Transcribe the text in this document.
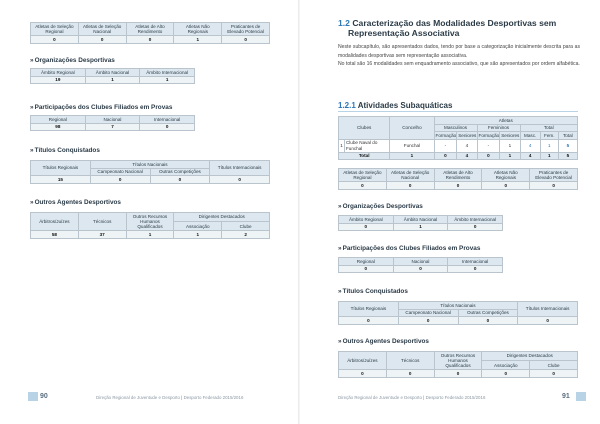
Atletas de Seleção Regional	Atletas de Seleção Nacional	Atletas de Alto Rendimento	Atletas Não Regionais	Praticantes de Elevado Potencial
0	0	0	1	0
»Organizações Desportivas
Âmbito Regional	Âmbito Nacional	Âmbito Internacional
19	1	1
»Participações dos Clubes Filiados em Provas
Regional	Nacional	Internacional
98	7	0
»Títulos Conquistados
Títulos Regionais	Títulos Nacionais		Títulos Internacionais
	Campeonato Nacional	Outras Competições	
15	0	0	0
»Outros Agentes Desportivos
Árbitros/Juízes	Técnicos	Outros Recursos Humanos Qualificados	Dirigentes Destacados	
			Associação	Clube
58	37	1	1	2
90	Direção Regional de Juventude e Desporto | Desporto Federado 2015/2016
1.2 Caracterização das Modalidades Desportivas sem
Representação Associativa

Neste subcapítulo, são apresentados dados, tendo por base a categorização inicialmente descrita para as modalidades desportivas sem representação associativa.

No total são 16 modalidades sem enquadramento associativo, que são apresentados por ordem alfabética.

1.2.1 Atividades Subaquáticas
Clubes		Concelho	Atletas						
			Masculinos		Femininos		Total		
			Formação	Seniores	Formação	Seniores	Masc.	Fem.	Total
1	Clube Naval do Funchal	Funchal	-	4	-	1	4	1	5
Total		1	0	4	0	1	4	1	5
Atletas de Seleção Regional	Atletas de Seleção Nacional	Atletas de Alto Rendimento	Atletas Não Regionais	Praticantes de Elevado Potencial
0	0	0	0	0
»Organizações Desportivas
Âmbito Regional	Âmbito Nacional	Âmbito Internacional
0	1	0
»Participações dos Clubes Filiados em Provas
Regional	Nacional	Internacional
0	0	0
»Títulos Conquistados
Títulos Regionais	Títulos Nacionais		Títulos Internacionais
	Campeonato Nacional	Outras Competições	
0	0	0	0
»Outros Agentes Desportivos
Árbitros/Juízes	Técnicos	Outros Recursos Humanos Qualificados	Dirigentes Destacados	
			Associação	Clube
0	0	0	0	0
Direção Regional de Juventude e Desporto | Desporto Federado 2015/2016	91
